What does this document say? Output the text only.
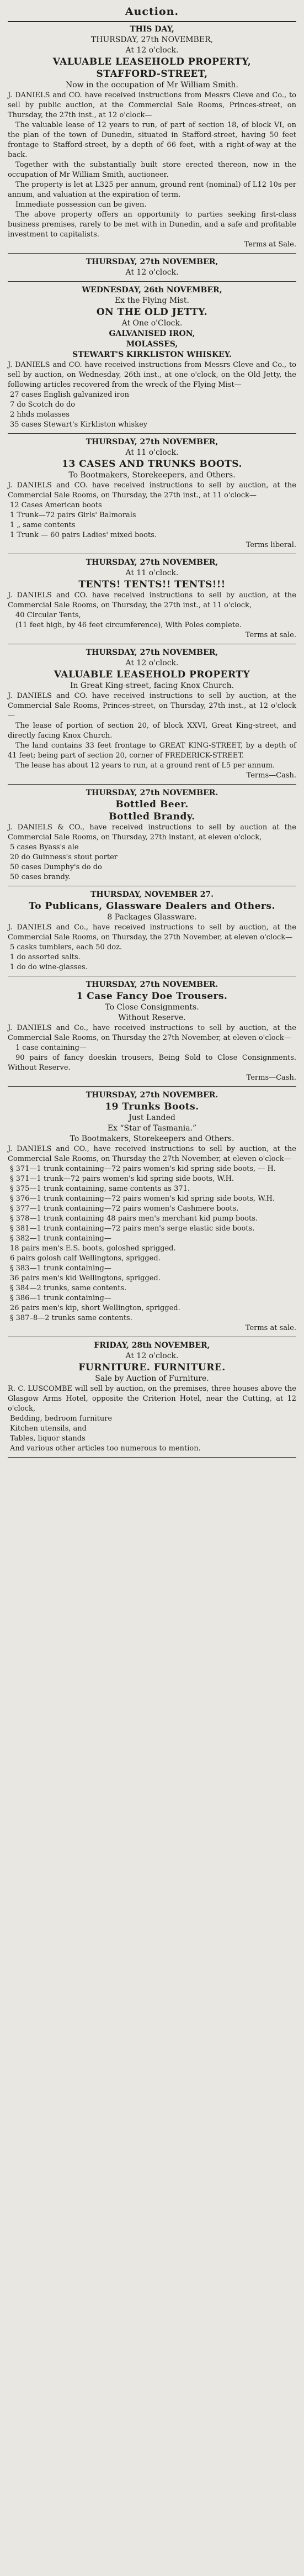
Auction.
THIS DAY,
THURSDAY, 27th NOVEMBER,
At 12 o'clock.
VALUABLE LEASEHOLD PROPERTY,
STAFFORD-STREET,
Now in the occupation of Mr William Smith.
J. DANIELS and CO. have received instructions from Messrs Cleve and Co., to sell by public auction, at the Commercial Sale Rooms, Princes-street, on Thursday, the 27th inst., at 12 o'clock—
The valuable lease of 12 years to run, of part of section 18, of block VI, on the plan of the town of Dunedin, situated in Stafford-street, having 50 feet frontage to Stafford-street, by a depth of 66 feet, with a right-of-way at the back.
Together with the substantially built store erected thereon, now in the occupation of Mr William Smith, auctioneer.
The property is let at L325 per annum, ground rent (nominal) of L12 10s per annum, and valuation at the expiration of term.
Immediate possession can be given.
The above property offers an opportunity to parties seeking first-class business premises, rarely to be met with in Dunedin, and a safe and profitable investment to capitalists.
Terms at Sale.
THURSDAY, 27th NOVEMBER,
At 12 o'clock.
WEDNESDAY, 26th NOVEMBER,
Ex the Flying Mist.
ON THE OLD JETTY.
At One o'Clock.
GALVANISED IRON,
MOLASSES,
STEWART'S KIRKLISTON WHISKEY.
J. DANIELS and CO. have received instructions from Messrs Cleve and Co., to sell by auction, on Wednesday, 26th inst., at one o'clock, on the Old Jetty, the following articles recovered from the wreck of the Flying Mist—
27 cases English galvanized iron
7 do Scotch do do
2 hhds molasses
35 cases Stewart's Kirkliston whiskey
THURSDAY, 27th NOVEMBER,
At 11 o'clock.
13 CASES AND TRUNKS BOOTS.
To Bootmakers, Storekeepers, and Others.
J. DANIELS and CO. have received instructions to sell by auction, at the Commercial Sale Rooms, on Thursday, the 27th inst., at 11 o'clock—
12 Cases American boots
1 Trunk—72 pairs Girls' Balmorals
1 „ same contents
1 Trunk — 60 pairs Ladies' mixed boots.
Terms liberal.
THURSDAY, 27th NOVEMBER,
At 11 o'clock.
TENTS! TENTS!! TENTS!!!
J. DANIELS and CO. have received instructions to sell by auction, at the Commercial Sale Rooms, on Thursday, the 27th inst., at 11 o'clock,
40 Circular Tents,
(11 feet high, by 46 feet circumference), With Poles complete.
Terms at sale.
THURSDAY, 27th NOVEMBER,
At 12 o'clock.
VALUABLE LEASEHOLD PROPERTY
In Great King-street, facing Knox Church.
J. DANIELS and CO. have received instructions to sell by auction, at the Commercial Sale Rooms, Princes-street, on Thursday, 27th inst., at 12 o'clock—
The lease of portion of section 20, of block XXVI, Great King-street, and directly facing Knox Church.
The land contains 33 feet frontage to GREAT KING-STREET, by a depth of 41 feet; being part of section 20, corner of FREDERICK-STREET.
The lease has about 12 years to run, at a ground rent of L5 per annum.
Terms—Cash.
THURSDAY, 27th NOVEMBER.
Bottled Beer.
Bottled Brandy.
J. DANIELS & CO., have received instructions to sell by auction at the Commercial Sale Rooms, on Thursday, 27th instant, at eleven o'clock,
5 cases Byass's ale
20 do Guinness's stout porter
50 cases Dumphy's do do
50 cases brandy.
THURSDAY, NOVEMBER 27.
To Publicans, Glassware Dealers and Others.
8 Packages Glassware.
J. DANIELS and Co., have received instructions to sell by auction, at the Commercial Sale Rooms, on Thursday, the 27th November, at eleven o'clock—
5 casks tumblers, each 50 doz.
1 do assorted salts.
1 do do wine-glasses.
THURSDAY, 27th NOVEMBER.
1 Case Fancy Doe Trousers.
To Close Consignments.
Without Reserve.
J. DANIELS and Co., have received instructions to sell by auction, at the Commercial Sale Rooms, on Thursday the 27th November, at eleven o'clock—
1 case containing—
90 pairs of fancy doeskin trousers, Being Sold to Close Consignments. Without Reserve.
Terms—Cash.
THURSDAY, 27th NOVEMBER.
19 Trunks Boots.
Just Landed
Ex “Star of Tasmania.”
To Bootmakers, Storekeepers and Others.
J. DANIELS and CO., have received instructions to sell by auction, at the Commercial Sale Rooms, on Thursday the 27th November, at eleven o'clock—
§ 371—1 trunk containing—72 pairs women's kid spring side boots, — H.
§ 371—1 trunk—72 pairs women's kid spring side boots, W.H.
§ 375—1 trunk containing, same contents as 371.
§ 376—1 trunk containing—72 pairs women's kid spring side boots, W.H.
§ 377—1 trunk containing—72 pairs women's Cashmere boots.
§ 378—1 trunk containing 48 pairs men's merchant kid pump boots.
§ 381—1 trunk containing—72 pairs men's serge elastic side boots.
§ 382—1 trunk containing—
18 pairs men's E.S. boots, goloshed sprigged.
6 pairs golosh calf Wellingtons, sprigged.
§ 383—1 trunk containing—
36 pairs men's kid Wellingtons, sprigged.
§ 384—2 trunks, same contents.
§ 386—1 trunk containing—
26 pairs men's kip, short Wellington, sprigged.
§ 387–8—2 trunks same contents.
Terms at sale.
FRIDAY, 28th NOVEMBER,
At 12 o'clock.
FURNITURE. FURNITURE.
Sale by Auction of Furniture.
R. C. LUSCOMBE will sell by auction, on the premises, three houses above the Glasgow Arms Hotel, opposite the Criterion Hotel, near the Cutting, at 12 o'clock,
Bedding, bedroom furniture
Kitchen utensils, and
Tables, liquor stands
And various other articles too numerous to mention.
